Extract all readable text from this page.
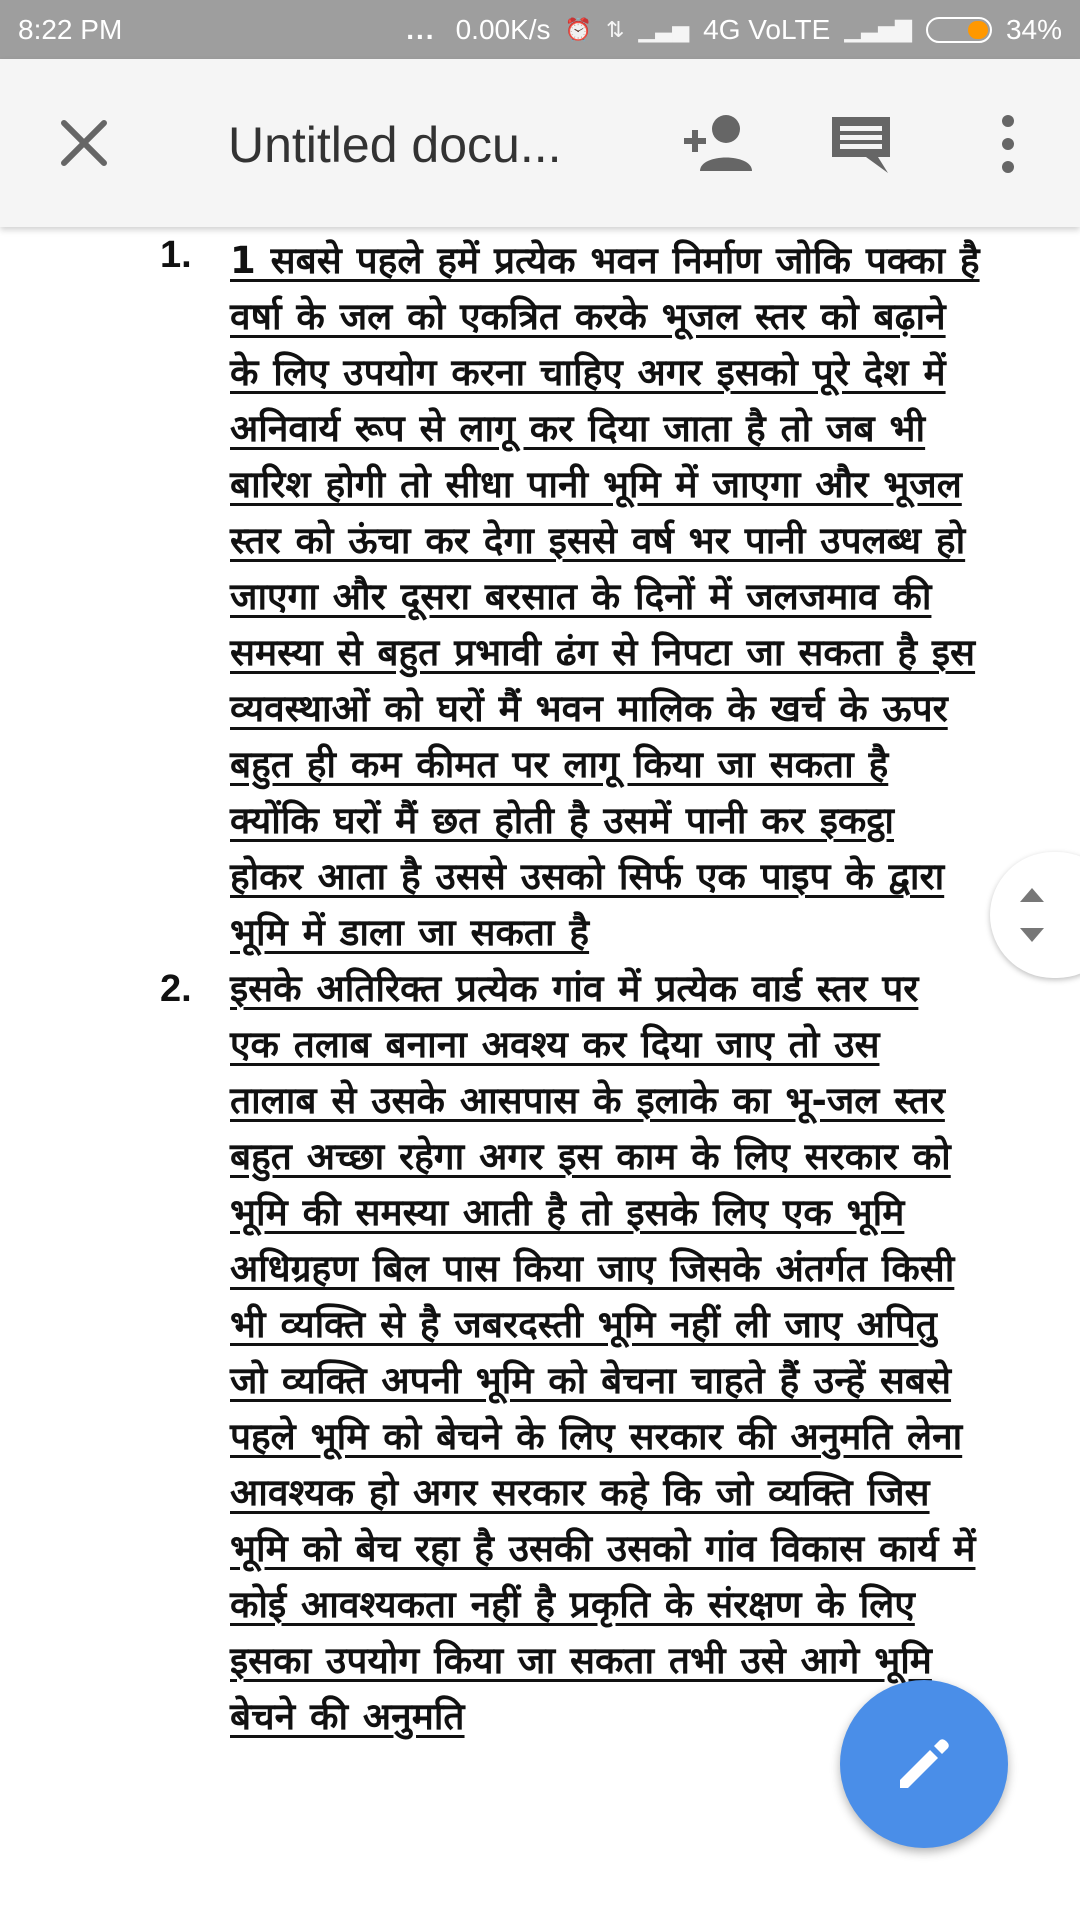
8:22 PM	... 0.00K/s ⏰ ⇅ ▁▃▅ 4G VoLTE ▁▃▅▇	34%
Untitled docu...
1. 1 सबसे पहले हमें प्रत्येक भवन निर्माण जोकि पक्का है वर्षा के जल को एकत्रित करके भूजल स्तर को बढ़ाने के लिए उपयोग करना चाहिए अगर इसको पूरे देश में अनिवार्य रूप से लागू कर दिया जाता है तो जब भी बारिश होगी तो सीधा पानी भूमि में जाएगा और भूजल स्तर को ऊंचा कर देगा इससे वर्ष भर पानी उपलब्ध हो जाएगा और दूसरा बरसात के दिनों में जलजमाव की समस्या से बहुत प्रभावी ढंग से निपटा जा सकता है इस व्यवस्थाओं को घरों मैं भवन मालिक के खर्च के ऊपर बहुत ही कम कीमत पर लागू किया जा सकता है क्योंकि घरों मैं छत होती है उसमें पानी कर इकट्ठा होकर आता है उससे उसको सिर्फ एक पाइप के द्वारा भूमि में डाला जा सकता है
2. इसके अतिरिक्त प्रत्येक गांव में प्रत्येक वार्ड स्तर पर एक तलाब बनाना अवश्य कर दिया जाए तो उस तालाब से उसके आसपास के इलाके का भू-जल स्तर बहुत अच्छा रहेगा अगर इस काम के लिए सरकार को भूमि की समस्या आती है तो इसके लिए एक भूमि अधिग्रहण बिल पास किया जाए जिसके अंतर्गत किसी भी व्यक्ति से है जबरदस्ती भूमि नहीं ली जाए अपितु जो व्यक्ति अपनी भूमि को बेचना चाहते हैं उन्हें सबसे पहले भूमि को बेचने के लिए सरकार की अनुमति लेना आवश्यक हो अगर सरकार कहे कि जो व्यक्ति जिस भूमि को बेच रहा है उसकी उसको गांव विकास कार्य में कोई आवश्यकता नहीं है प्रकृति के संरक्षण के लिए इसका उपयोग किया जा सकता तभी उसे आगे भूमि बेचने की अनुमति
